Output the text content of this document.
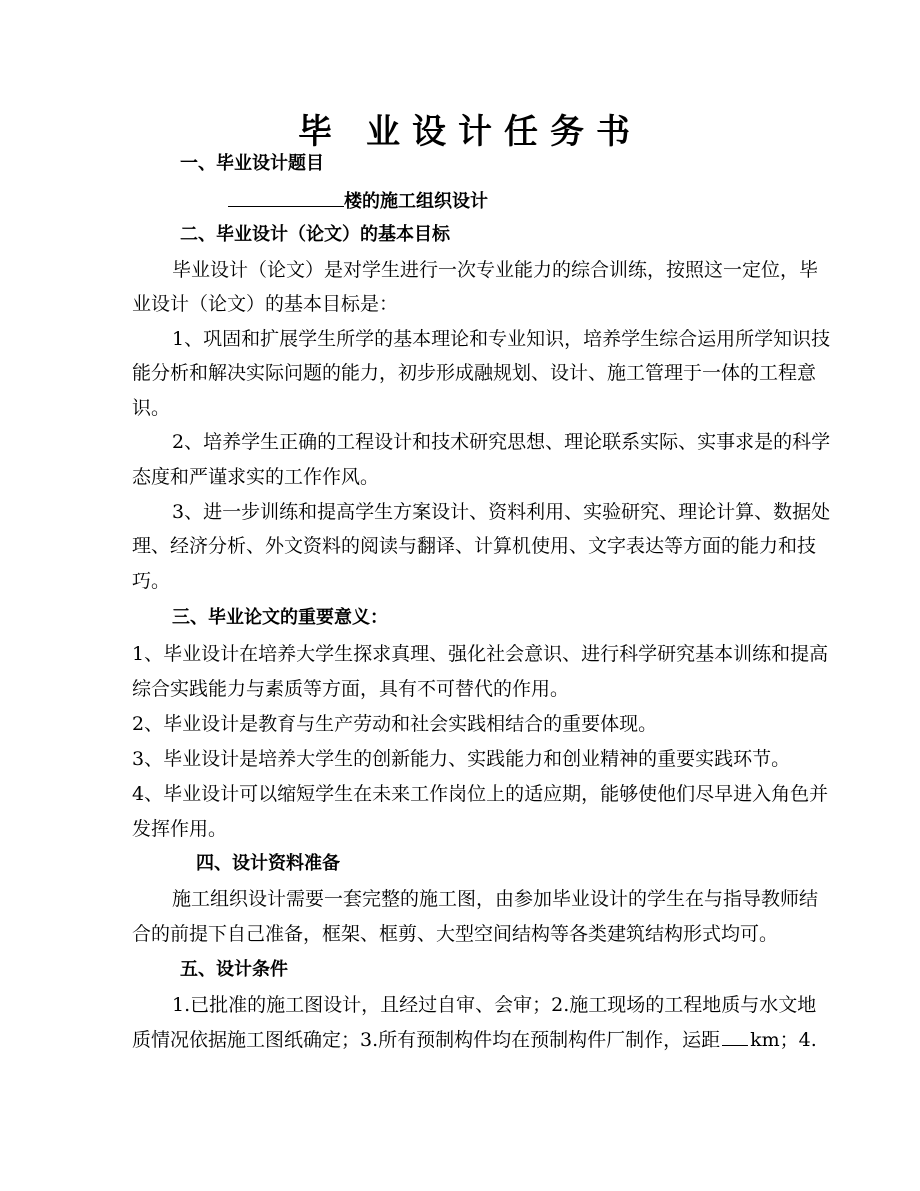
毕 业设计任务书
一、毕业设计题目
楼的施工组织设计
二、毕业设计（论文）的基本目标
毕业设计（论文）是对学生进行一次专业能力的综合训练，按照这一定位，毕
业设计（论文）的基本目标是：
1、巩固和扩展学生所学的基本理论和专业知识，培养学生综合运用所学知识技
能分析和解决实际问题的能力，初步形成融规划、设计、施工管理于一体的工程意
识。
2、培养学生正确的工程设计和技术研究思想、理论联系实际、实事求是的科学
态度和严谨求实的工作作风。
3、进一步训练和提高学生方案设计、资料利用、实验研究、理论计算、数据处
理、经济分析、外文资料的阅读与翻译、计算机使用、文字表达等方面的能力和技
巧。
三、毕业论文的重要意义：
1、毕业设计在培养大学生探求真理、强化社会意识、进行科学研究基本训练和提高
综合实践能力与素质等方面，具有不可替代的作用。
2、毕业设计是教育与生产劳动和社会实践相结合的重要体现。
3、毕业设计是培养大学生的创新能力、实践能力和创业精神的重要实践环节。
4、毕业设计可以缩短学生在未来工作岗位上的适应期，能够使他们尽早进入角色并
发挥作用。
四、设计资料准备
施工组织设计需要一套完整的施工图，由参加毕业设计的学生在与指导教师结
合的前提下自己准备，框架、框剪、大型空间结构等各类建筑结构形式均可。
五、设计条件
1.已批准的施工图设计，且经过自审、会审；2.施工现场的工程地质与水文地
质情况依据施工图纸确定；3.所有预制构件均在预制构件厂制作，运距 km；4.
